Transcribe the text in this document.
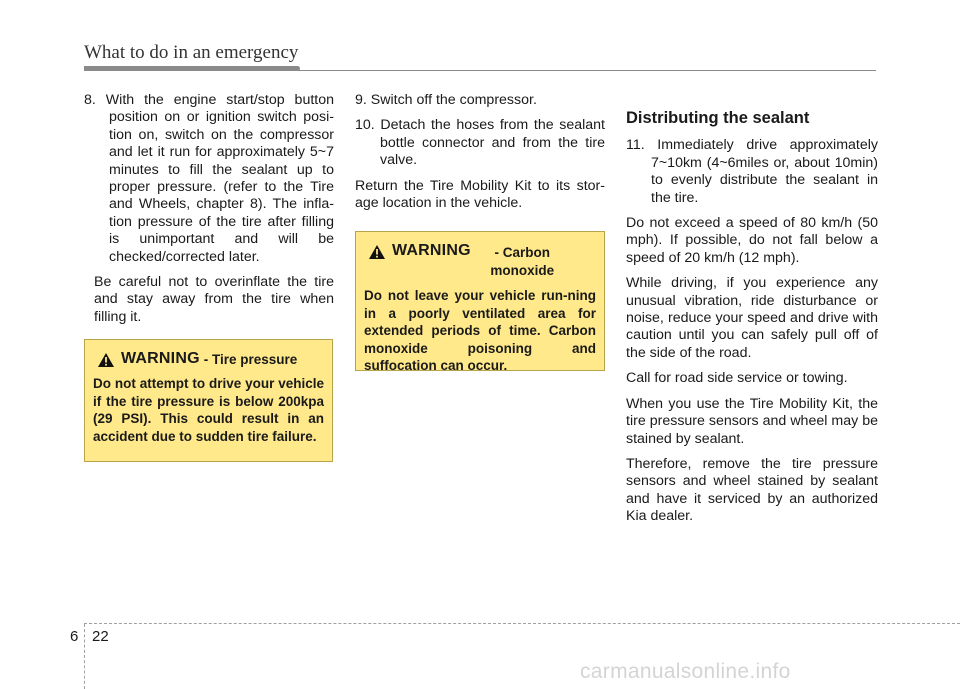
What to do in an emergency

8. With the engine start/stop button position on or ignition switch posi-tion on, switch on the compressor and let it run for approximately 5~7 minutes to fill the sealant up to proper pressure. (refer to the Tire and Wheels, chapter 8). The infla-tion pressure of the tire after filling is unimportant and will be checked/corrected later.

Be careful not to overinflate the tire and stay away from the tire when filling it.

WARNING - Tire pressure
Do not attempt to drive your vehicle if the tire pressure is below 200kpa (29 PSI). This could result in an accident due to sudden tire failure.

9. Switch off the compressor.

10. Detach the hoses from the sealant bottle connector and from the tire valve.

Return the Tire Mobility Kit to its stor-age location in the vehicle.

WARNING	- Carbon monoxide
Do not leave your vehicle run-ning in a poorly ventilated area for extended periods of time. Carbon monoxide poisoning and suffocation can occur.
Distributing the sealant

11. Immediately drive approximately 7~10km (4~6miles or, about 10min) to evenly distribute the sealant in the tire.

Do not exceed a speed of 80 km/h (50 mph). If possible, do not fall below a speed of 20 km/h (12 mph).

While driving, if you experience any unusual vibration, ride disturbance or noise, reduce your speed and drive with caution until you can safely pull off of the side of the road.

Call for road side service or towing.

When you use the Tire Mobility Kit, the tire pressure sensors and wheel may be stained by sealant.

Therefore, remove the tire pressure sensors and wheel stained by sealant and have it serviced by an authorized Kia dealer.

6 22
carmanualsonline.info
